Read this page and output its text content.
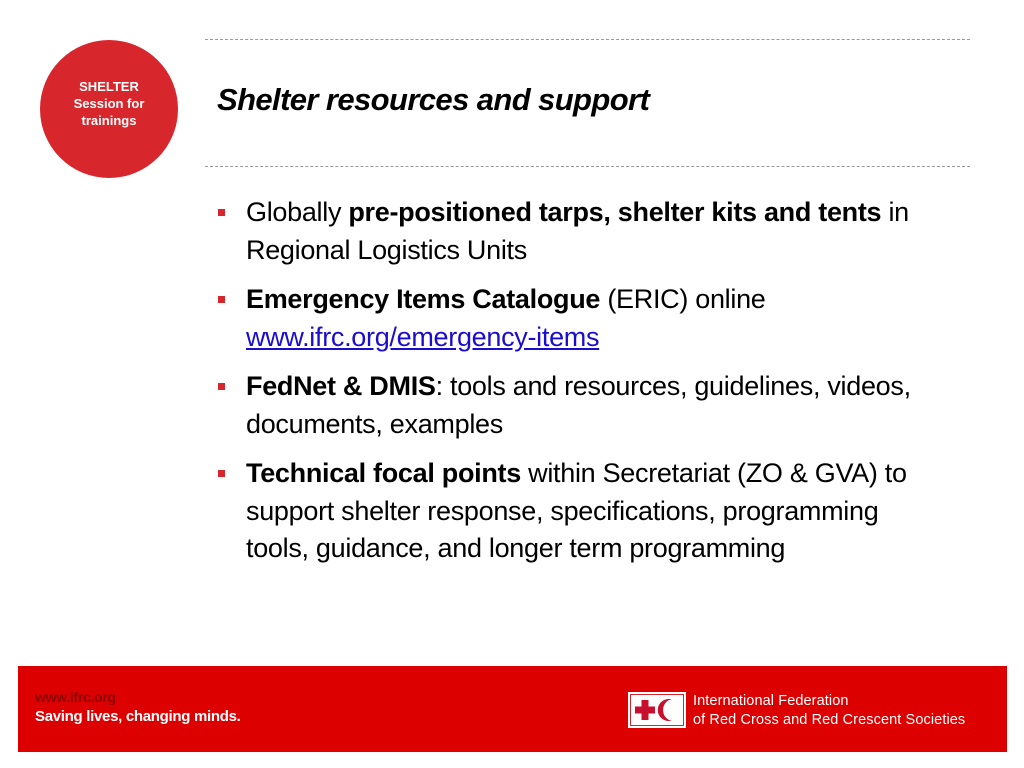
SHELTER
Session for
trainings
Shelter resources and support
Globally pre-positioned tarps, shelter kits and tents in Regional Logistics Units
Emergency Items Catalogue (ERIC) online
www.ifrc.org/emergency-items
FedNet & DMIS: tools and resources, guidelines, videos, documents, examples
Technical focal points within Secretariat (ZO & GVA) to support shelter response, specifications, programming tools, guidance, and longer term programming
www.ifrc.org
Saving lives, changing minds.
International Federation
of Red Cross and Red Crescent Societies
